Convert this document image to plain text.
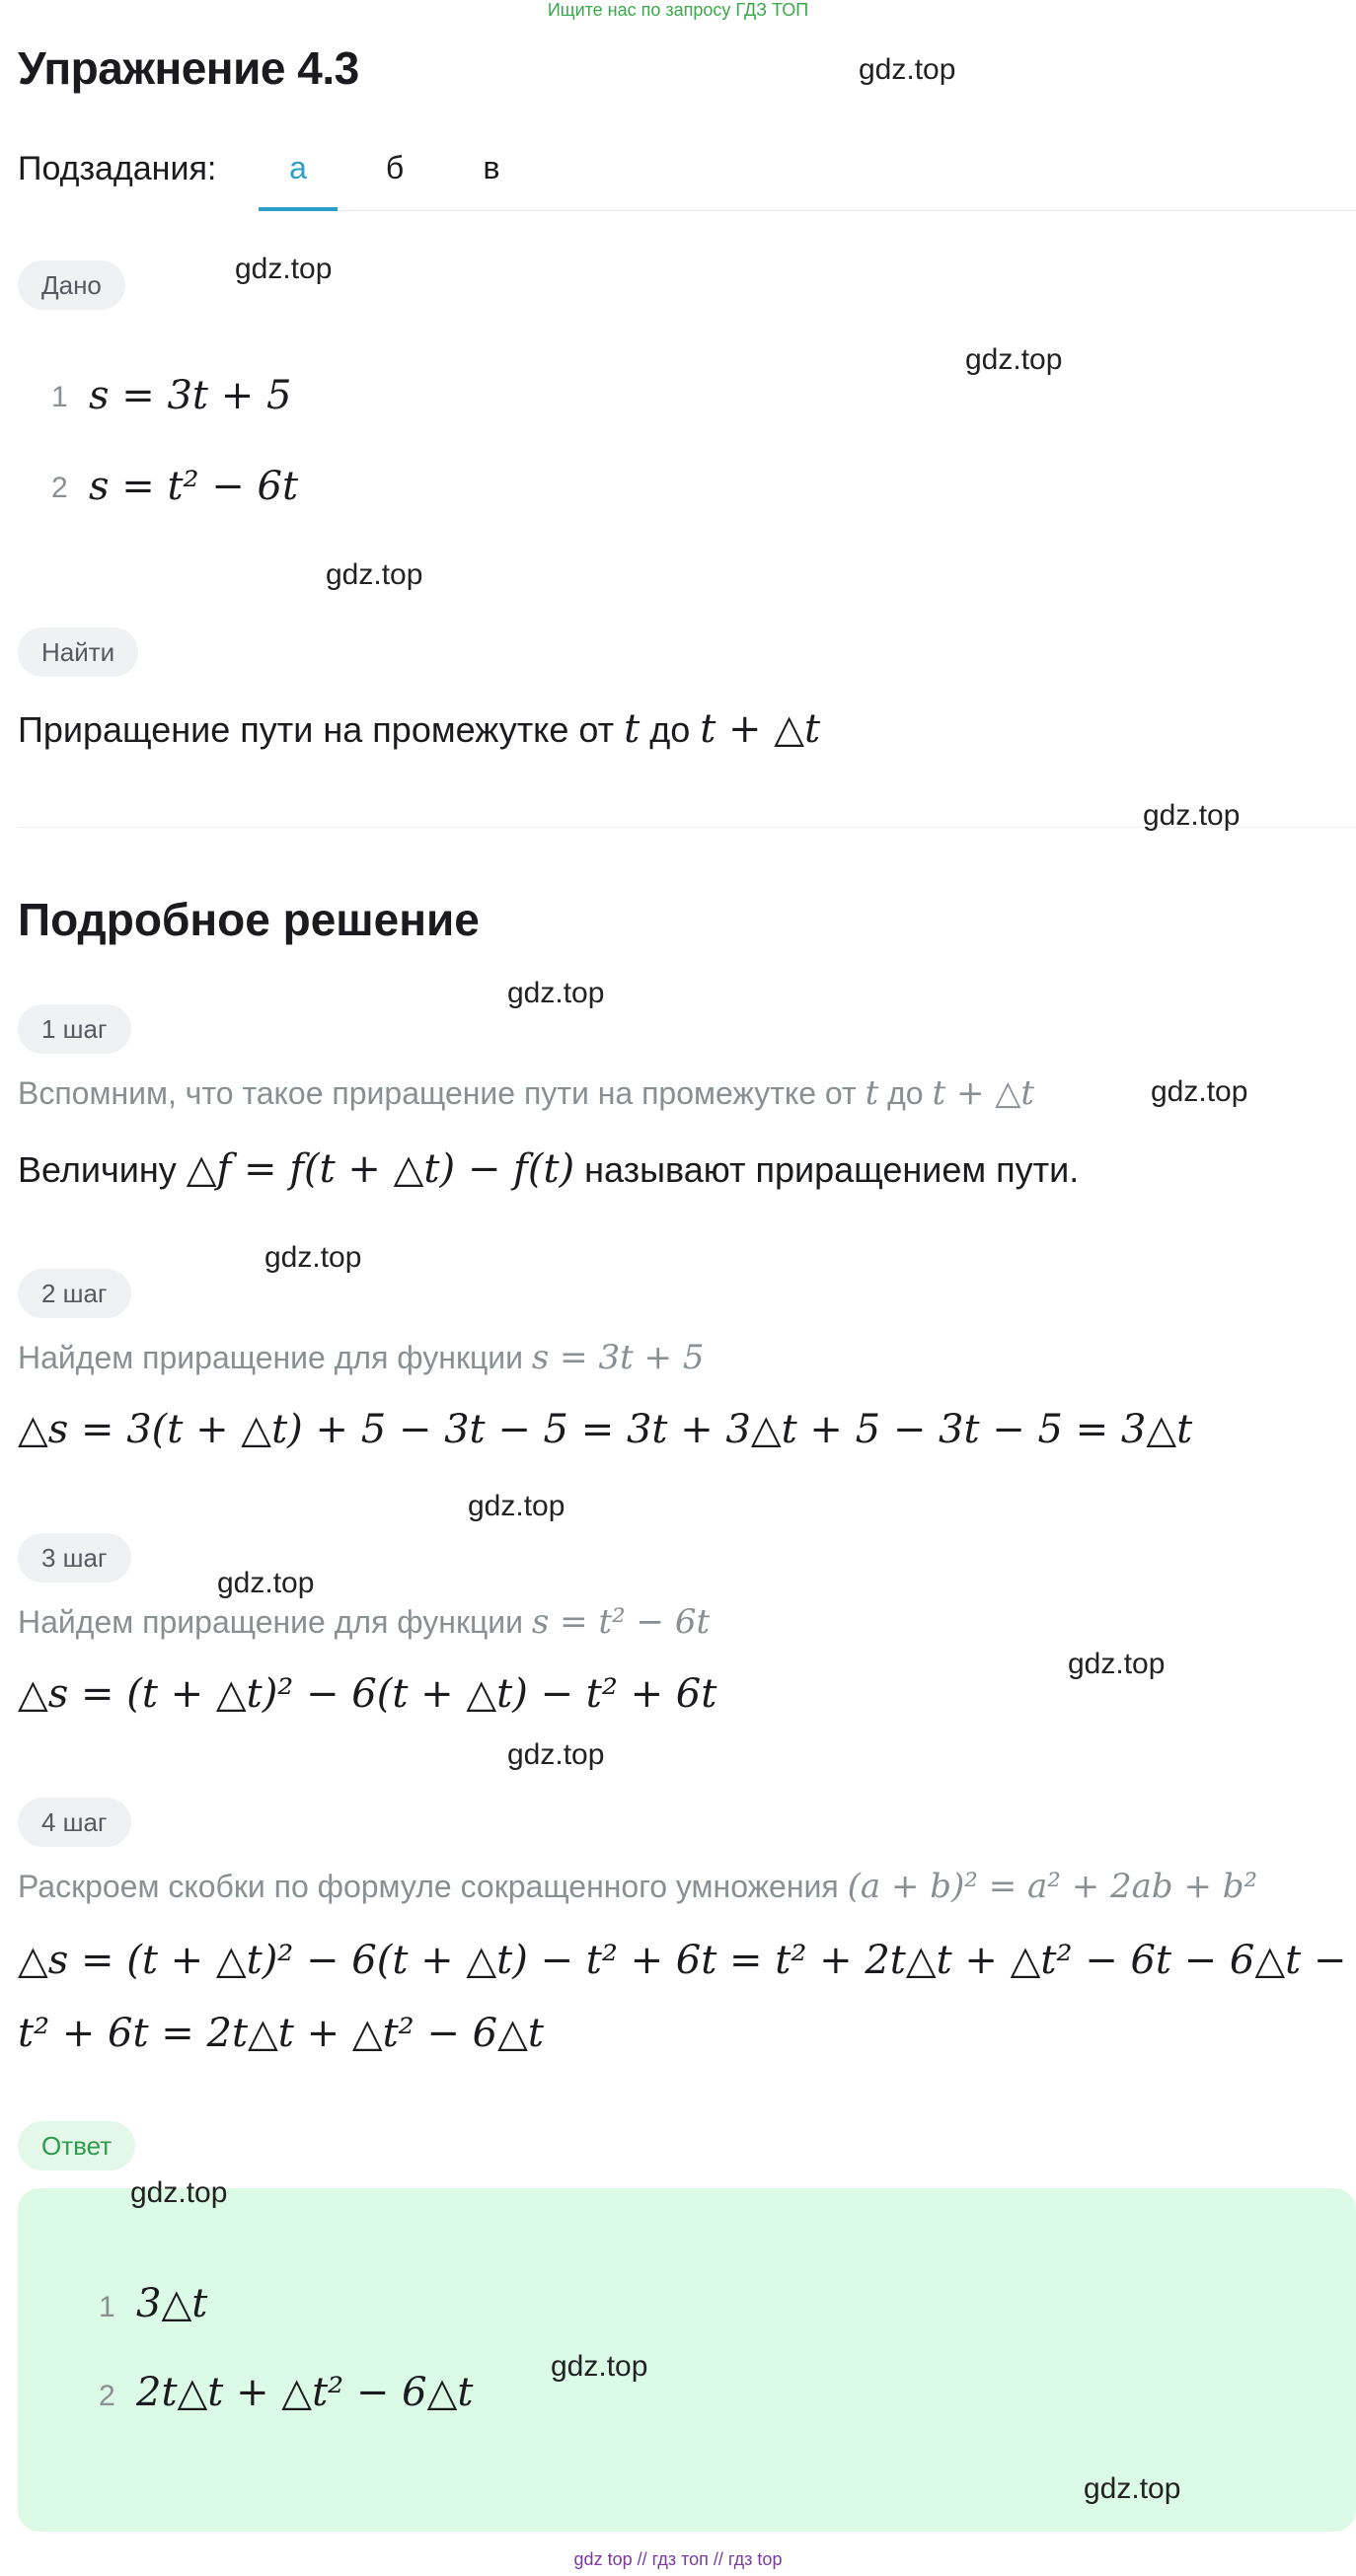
Ищите нас по запросу ГДЗ ТОП
Упражнение 4.3
Подзадания:	а	б	в
Дано
1 s = 3t + 5
2 s = t² − 6t
Найти
Приращение пути на промежутке от t до t + △t
Подробное решение
1 шаг
Вспомним, что такое приращение пути на промежутке от t до t + △t
Величину △f = f(t + △t) − f(t) называют приращением пути.
2 шаг
Найдем приращение для функции s = 3t + 5
△s = 3(t + △t) + 5 − 3t − 5 = 3t + 3△t + 5 − 3t − 5 = 3△t
3 шаг
Найдем приращение для функции s = t² − 6t
△s = (t + △t)² − 6(t + △t) − t² + 6t
4 шаг
Раскроем скобки по формуле сокращенного умножения (a + b)² = a² + 2ab + b²
△s = (t + △t)² − 6(t + △t) − t² + 6t = t² + 2t△t + △t² − 6t − 6△t −
t² + 6t = 2t△t + △t² − 6△t
Ответ
1 3△t
2 2t△t + △t² − 6△t
gdz.top
gdz.top
gdz.top
gdz.top
gdz.top
gdz.top
gdz.top
gdz.top
gdz.top
gdz.top
gdz.top
gdz.top
gdz.top
gdz.top
gdz.top
gdz top // гдз топ // гдз top
